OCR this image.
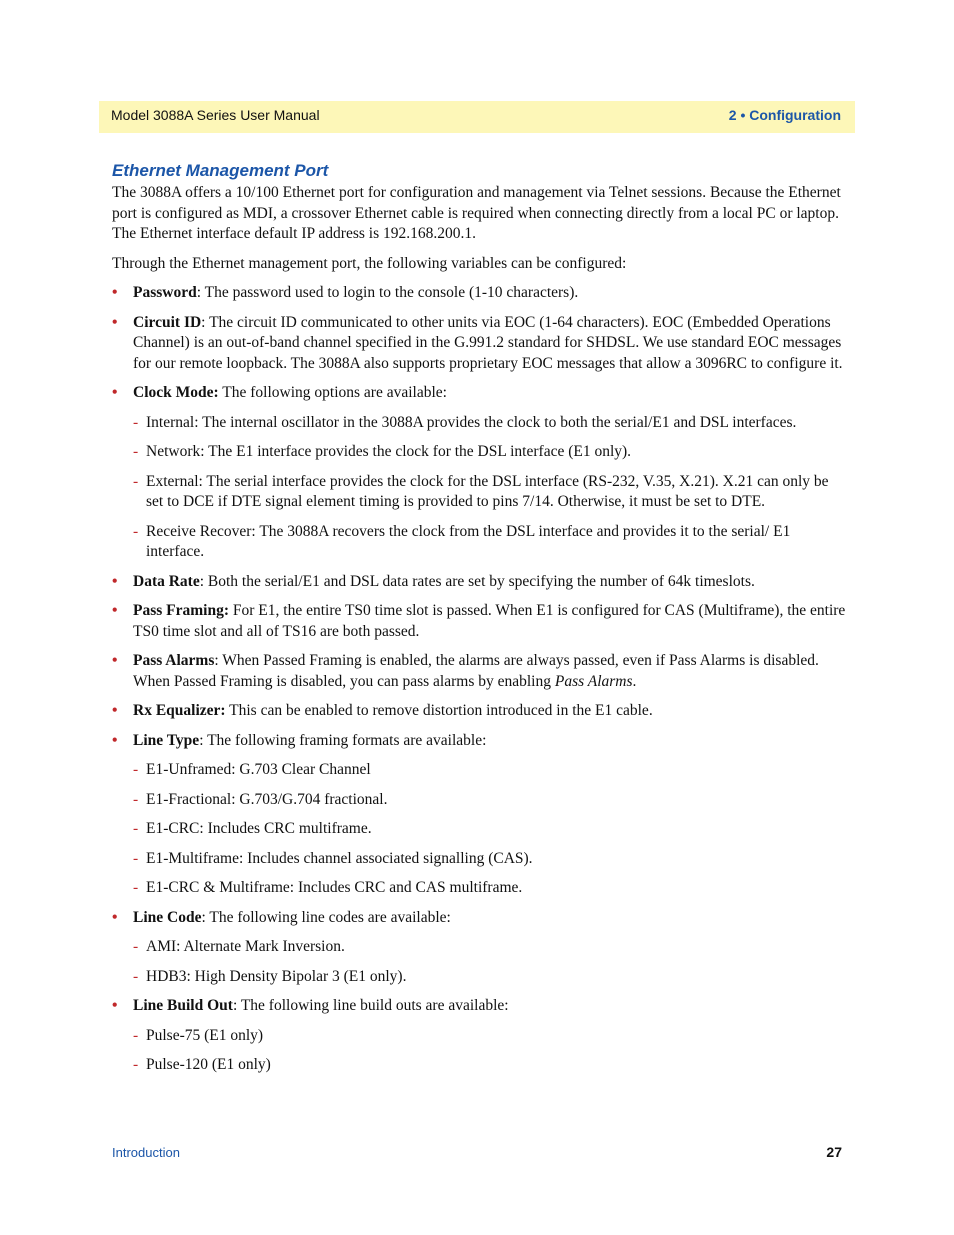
Model 3088A Series User Manual	2 • Configuration
Ethernet Management Port

The 3088A offers a 10/100 Ethernet port for configuration and management via Telnet sessions. Because the Ethernet port is configured as MDI, a crossover Ethernet cable is required when connecting directly from a local PC or laptop. The Ethernet interface default IP address is 192.168.200.1.

Through the Ethernet management port, the following variables can be configured:

• Password: The password used to login to the console (1-10 characters).
• Circuit ID: The circuit ID communicated to other units via EOC (1-64 characters). EOC (Embedded Operations Channel) is an out-of-band channel specified in the G.991.2 standard for SHDSL. We use standard EOC messages for our remote loopback. The 3088A also supports proprietary EOC messages that allow a 3096RC to configure it.
• Clock Mode: The following options are available:
- Internal: The internal oscillator in the 3088A provides the clock to both the serial/E1 and DSL interfaces.
- Network: The E1 interface provides the clock for the DSL interface (E1 only).
- External: The serial interface provides the clock for the DSL interface (RS-232, V.35, X.21). X.21 can only be set to DCE if DTE signal element timing is provided to pins 7/14. Otherwise, it must be set to DTE.
- Receive Recover: The 3088A recovers the clock from the DSL interface and provides it to the serial/ E1 interface.
• Data Rate: Both the serial/E1 and DSL data rates are set by specifying the number of 64k timeslots.
• Pass Framing: For E1, the entire TS0 time slot is passed. When E1 is configured for CAS (Multiframe), the entire TS0 time slot and all of TS16 are both passed.
• Pass Alarms: When Passed Framing is enabled, the alarms are always passed, even if Pass Alarms is disabled. When Passed Framing is disabled, you can pass alarms by enabling Pass Alarms.
• Rx Equalizer: This can be enabled to remove distortion introduced in the E1 cable.
• Line Type: The following framing formats are available:
- E1-Unframed: G.703 Clear Channel
- E1-Fractional: G.703/G.704 fractional.
- E1-CRC: Includes CRC multiframe.
- E1-Multiframe: Includes channel associated signalling (CAS).
- E1-CRC & Multiframe: Includes CRC and CAS multiframe.
• Line Code: The following line codes are available:
- AMI: Alternate Mark Inversion.
- HDB3: High Density Bipolar 3 (E1 only).
• Line Build Out: The following line build outs are available:
- Pulse-75 (E1 only)
- Pulse-120 (E1 only)
Introduction	27
